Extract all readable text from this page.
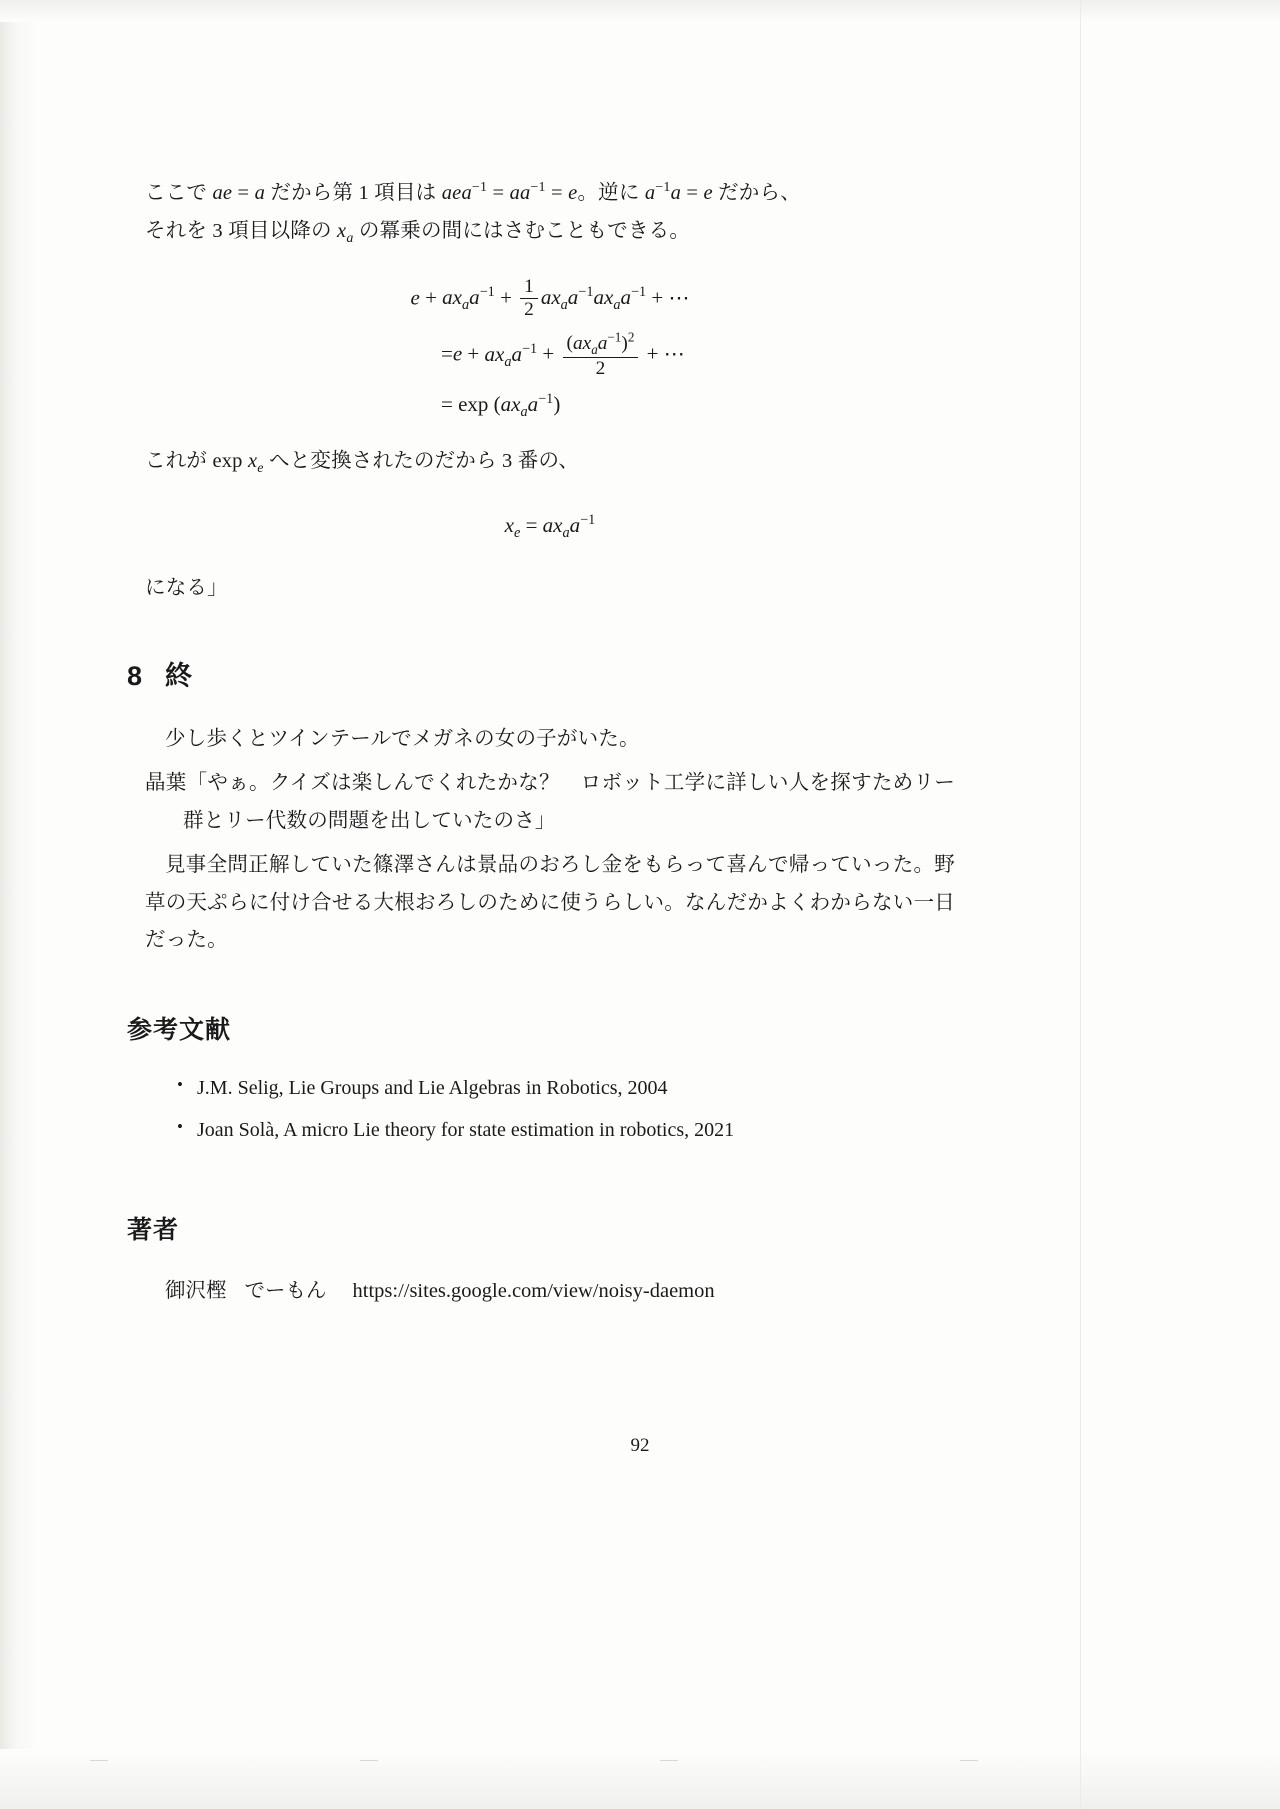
ここで ae = a だから第 1 項目は $aea^{-1} = aa^{-1} = e$。逆に $a^{-1}a = e$ だから、
それを 3 項目以降の $x_a$ の冪乗の間にはさむこともできる。

$e + ax_aa^{-1} + \frac{1}{2} ax_aa^{-1}ax_aa^{-1}$ + ⋯
$=e + ax_aa^{-1} + \frac{(ax_aa^{-1})^2}{2}$ + ⋯
= $\exp (ax_aa^{-1})$

これが $\exp x_e$ へと変換されたのだから 3 番の、

$x_e = ax_aa^{-1}$

になる」

8 終

少し歩くとツインテールでメガネの女の子がいた。

晶葉「やぁ。クイズは楽しんでくれたかな？　ロボット工学に詳しい人を探すためリー群とリー代数の問題を出していたのさ」

見事全問正解していた篠澤さんは景品のおろし金をもらって喜んで帰っていった。野草の天ぷらに付け合せる大根おろしのために使うらしい。なんだかよくわからない一日だった。

参考文献
• J.M. Selig, Lie Groups and Lie Algebras in Robotics, 2004
• Joan Solà, A micro Lie theory for state estimation in robotics, 2021
著者

御沢樫 でーもん https://sites.google.com/view/noisy-daemon

92
